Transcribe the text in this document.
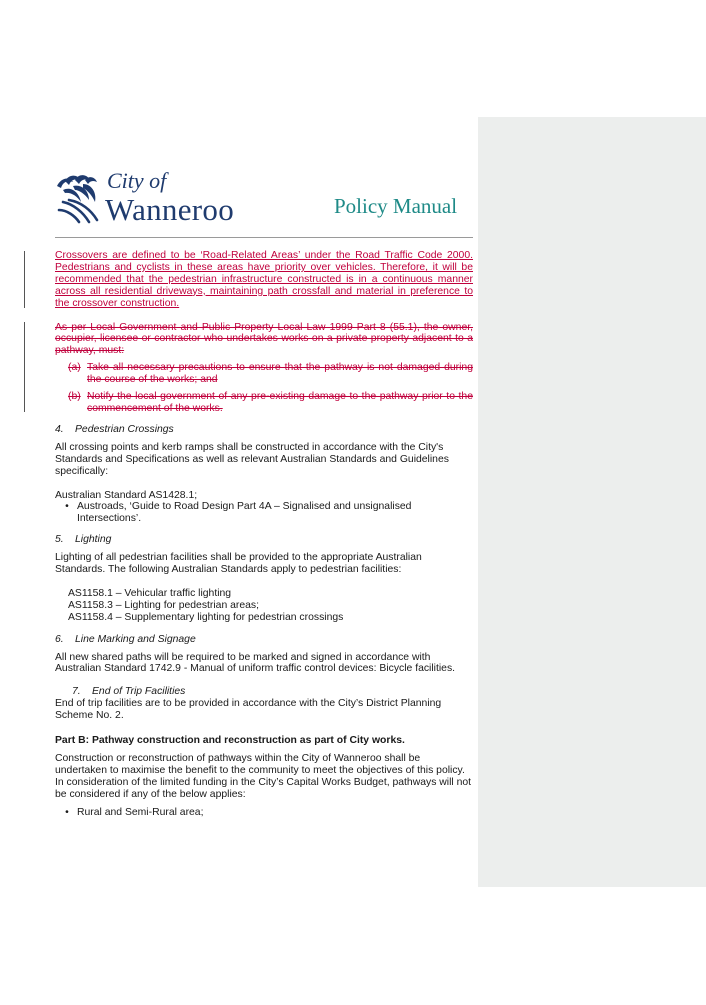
City of
Wanneroo	Policy Manual

Crossovers are defined to be ‘Road-Related Areas’ under the Road Traffic Code 2000. Pedestrians and cyclists in these areas have priority over vehicles. Therefore, it will be recommended that the pedestrian infrastructure constructed is in a continuous manner across all residential driveways, maintaining path crossfall and material in preference to the crossover construction.

As per Local Government and Public Property Local Law 1999 Part 8 (55.1), the owner, occupier, licensee or contractor who undertakes works on a private property adjacent to a pathway, must:

(a) Take all necessary precautions to ensure that the pathway is not damaged during the course of the works; and
(b) Notify the local government of any pre-existing damage to the pathway prior to the commencement of the works.
4.	Pedestrian Crossings

All crossing points and kerb ramps shall be constructed in accordance with the City's Standards and Specifications as well as relevant Australian Standards and Guidelines specifically:

Australian Standard AS1428.1;

• Austroads, ‘Guide to Road Design Part 4A – Signalised and unsignalised Intersections’.
5.	Lighting

Lighting of all pedestrian facilities shall be provided to the appropriate Australian Standards. The following Australian Standards apply to pedestrian facilities:

AS1158.1 – Vehicular traffic lighting
AS1158.3 – Lighting for pedestrian areas;
AS1158.4 – Supplementary lighting for pedestrian crossings
6.	Line Marking and Signage

All new shared paths will be required to be marked and signed in accordance with Australian Standard 1742.9 - Manual of uniform traffic control devices: Bicycle facilities.

7.	End of Trip Facilities

End of trip facilities are to be provided in accordance with the City’s District Planning Scheme No. 2.

Part B: Pathway construction and reconstruction as part of City works.

Construction or reconstruction of pathways within the City of Wanneroo shall be undertaken to maximise the benefit to the community to meet the objectives of this policy. In consideration of the limited funding in the City’s Capital Works Budget, pathways will not be considered if any of the below applies:

• Rural and Semi-Rural area;
